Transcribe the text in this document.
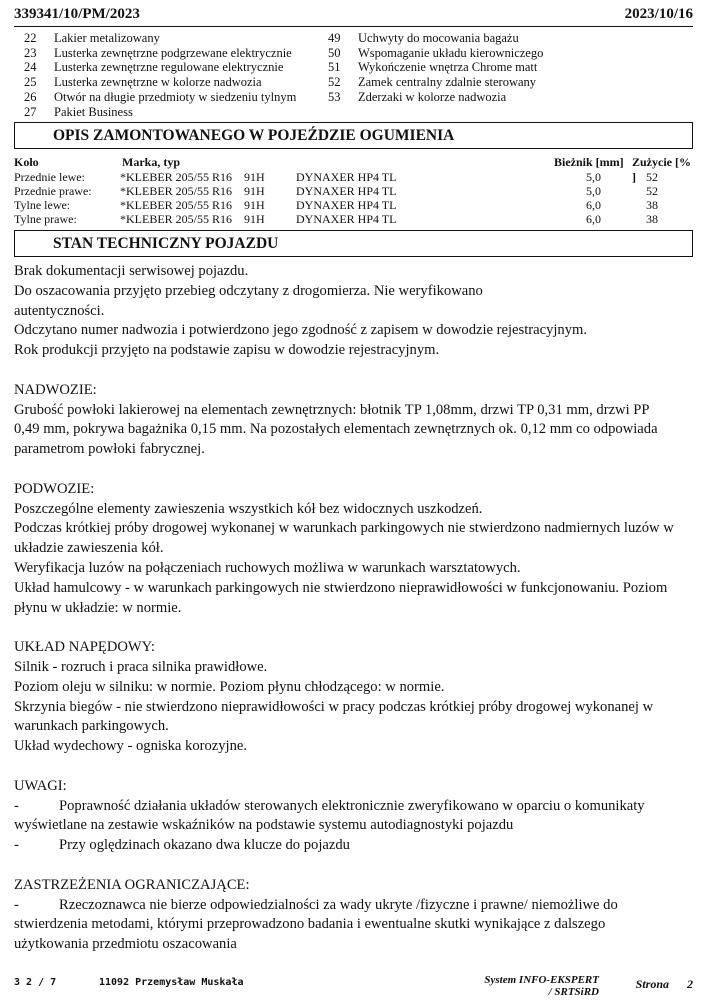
339341/10/PM/2023	2023/10/16
22	Lakier metalizowany
23	Lusterka zewnętrzne podgrzewane elektrycznie
24	Lusterka zewnętrzne regulowane elektrycznie
25	Lusterka zewnętrzne w kolorze nadwozia
26	Otwór na długie przedmioty w siedzeniu tylnym
27	Pakiet Business
49	Uchwyty do mocowania bagażu
50	Wspomaganie układu kierowniczego
51	Wykończenie wnętrza Chrome matt
52	Zamek centralny zdalnie sterowany
53	Zderzaki w kolorze nadwozia
OPIS ZAMONTOWANEGO W POJEŹDZIE OGUMIENIA
Koło	Marka, typ	Bieżnik [mm] Zużycie [% ]
Przednie lewe:	*KLEBER 205/55 R16 91H	DYNAXER HP4 TL	5,0	52
Przednie prawe: *KLEBER 205/55 R16 91H	DYNAXER HP4 TL	5,0	52
Tylne lewe:	*KLEBER 205/55 R16 91H	DYNAXER HP4 TL	6,0	38
Tylne prawe:	*KLEBER 205/55 R16 91H	DYNAXER HP4 TL	6,0	38
STAN TECHNICZNY POJAZDU

Brak dokumentacji serwisowej pojazdu.

Do oszacowania przyjęto przebieg odczytany z drogomierza. Nie weryfikowano

autentyczności.

Odczytano numer nadwozia i potwierdzono jego zgodność z zapisem w dowodzie rejestracyjnym.

Rok produkcji przyjęto na podstawie zapisu w dowodzie rejestracyjnym.

NADWOZIE:

Grubość powłoki lakierowej na elementach zewnętrznych: błotnik TP 1,08mm, drzwi TP 0,31 mm, drzwi PP

0,49 mm, pokrywa bagażnika 0,15 mm. Na pozostałych elementach zewnętrznych ok. 0,12 mm co odpowiada

parametrom powłoki fabrycznej.

PODWOZIE:

Poszczególne elementy zawieszenia wszystkich kół bez widocznych uszkodzeń.

Podczas krótkiej próby drogowej wykonanej w warunkach parkingowych nie stwierdzono nadmiernych luzów w

układzie zawieszenia kół.

Weryfikacja luzów na połączeniach ruchowych możliwa w warunkach warsztatowych.

Układ hamulcowy - w warunkach parkingowych nie stwierdzono nieprawidłowości w funkcjonowaniu. Poziom

płynu w układzie: w normie.

UKŁAD NAPĘDOWY:

Silnik - rozruch i praca silnika prawidłowe.

Poziom oleju w silniku: w normie. Poziom płynu chłodzącego: w normie.

Skrzynia biegów - nie stwierdzono nieprawidłowości w pracy podczas krótkiej próby drogowej wykonanej w

warunkach parkingowych.

Układ wydechowy - ogniska korozyjne.

UWAGI:

-	Poprawność działania układów sterowanych elektronicznie zweryfikowano w oparciu o komunikaty

wyświetlane na zestawie wskaźników na podstawie systemu autodiagnostyki pojazdu

-	Przy oględzinach okazano dwa klucze do pojazdu

ZASTRZEŻENIA OGRANICZAJĄCE:

-	Rzeczoznawca nie bierze odpowiedzialności za wady ukryte /fizyczne i prawne/ niemożliwe do

stwierdzenia metodami, którymi przeprowadzono badania i ewentualne skutki wynikające z dalszego

użytkowania przedmiotu oszacowania

3 2 / 7	11092 Przemysław Muskała	System INFO-EKSPERT
/ SRTSiRD
Strona 2
